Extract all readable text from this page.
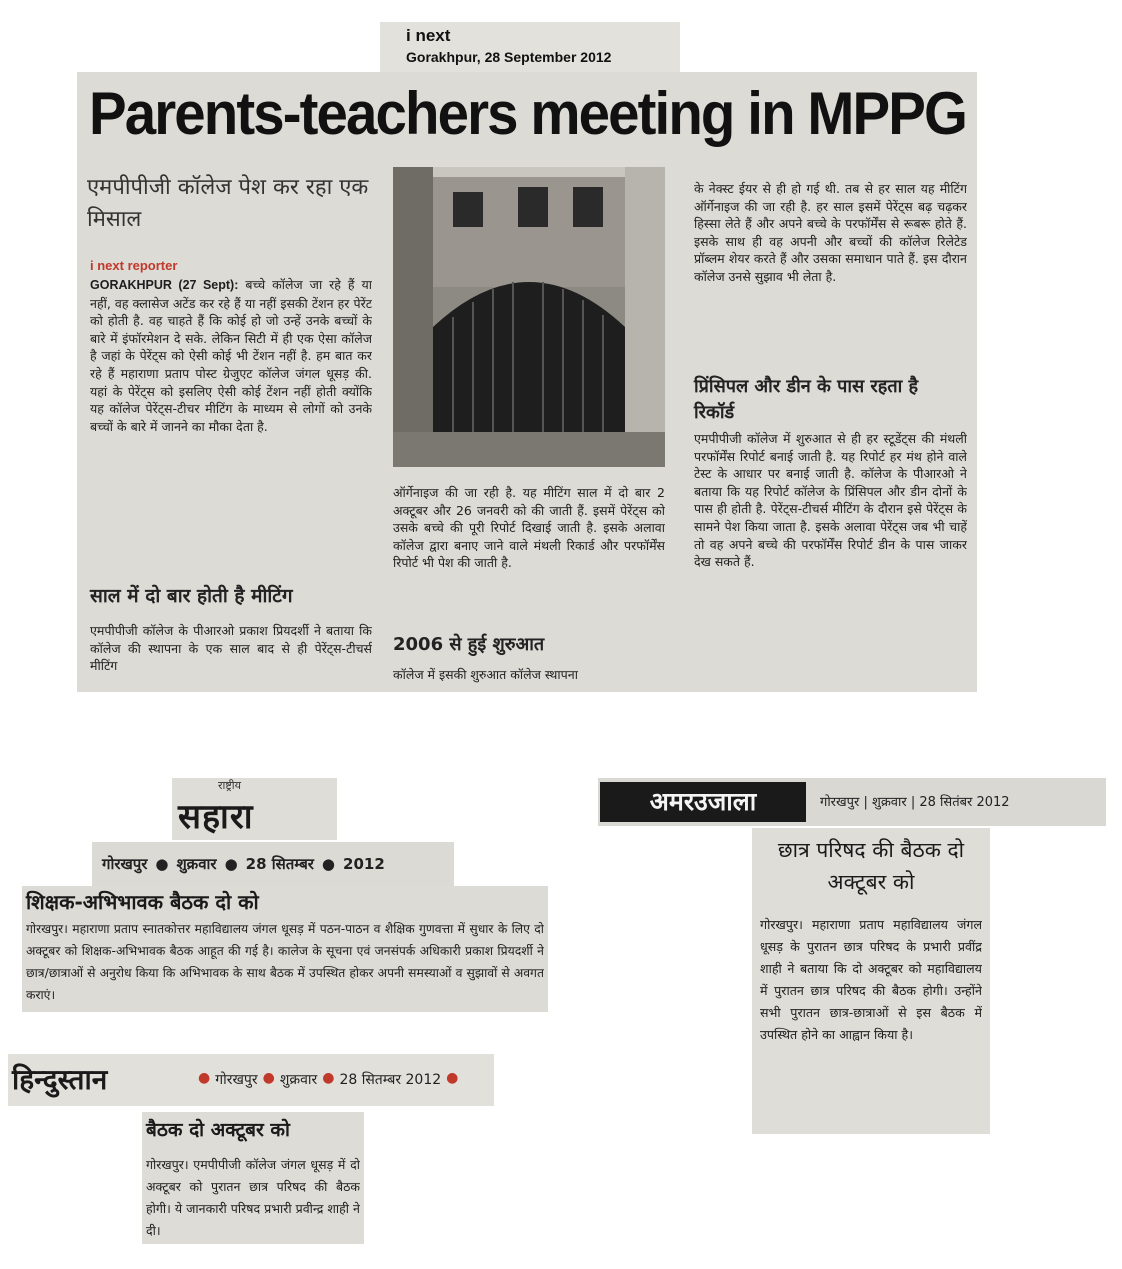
i next
Gorakhpur, 28 September 2012
Parents-teachers meeting in MPPG
एमपीपीजी कॉलेज पेश कर रहा एक मिसाल
i next reporter
GORAKHPUR (27 Sept): बच्चे कॉलेज जा रहे हैं या नहीं, वह क्लासेज अटेंड कर रहे हैं या नहीं इसकी टेंशन हर पेरेंट को होती है. वह चाहते हैं कि कोई हो जो उन्हें उनके बच्चों के बारे में इंफॉरमेशन दे सके. लेकिन सिटी में ही एक ऐसा कॉलेज है जहां के पेरेंट्स को ऐसी कोई भी टेंशन नहीं है. हम बात कर रहे हैं महाराणा प्रताप पोस्ट ग्रेजुएट कॉलेज जंगल धूसड़ की. यहां के पेरेंट्स को इसलिए ऐसी कोई टेंशन नहीं होती क्योंकि यह कॉलेज पेरेंट्स-टीचर मीटिंग के माध्यम से लोगों को उनके बच्चों के बारे में जानने का मौका देता है.
साल में दो बार होती है मीटिंग
एमपीपीजी कॉलेज के पीआरओ प्रकाश प्रियदर्शी ने बताया कि कॉलेज की स्थापना के एक साल बाद से ही पेरेंट्स-टीचर्स मीटिंग
ऑर्गेनाइज की जा रही है. यह मीटिंग साल में दो बार 2 अक्टूबर और 26 जनवरी को की जाती हैं. इसमें पेरेंट्स को उसके बच्चे की पूरी रिपोर्ट दिखाई जाती है. इसके अलावा कॉलेज द्वारा बनाए जाने वाले मंथली रिकार्ड और परफॉर्मेंस रिपोर्ट भी पेश की जाती है.
2006 से हुई शुरुआत
कॉलेज में इसकी शुरुआत कॉलेज स्थापना
के नेक्स्ट ईयर से ही हो गई थी. तब से हर साल यह मीटिंग ऑर्गेनाइज की जा रही है. हर साल इसमें पेरेंट्स बढ़ चढ़कर हिस्सा लेते हैं और अपने बच्चे के परफॉर्मेंस से रूबरू होते हैं. इसके साथ ही वह अपनी और बच्चों की कॉलेज रिलेटेड प्रॉब्लम शेयर करते हैं और उसका समाधान पाते हैं. इस दौरान कॉलेज उनसे सुझाव भी लेता है.
प्रिंसिपल और डीन के पास रहता है रिकॉर्ड
एमपीपीजी कॉलेज में शुरुआत से ही हर स्टूडेंट्स की मंथली परफॉर्मेंस रिपोर्ट बनाई जाती है. यह रिपोर्ट हर मंथ होने वाले टेस्ट के आधार पर बनाई जाती है. कॉलेज के पीआरओ ने बताया कि यह रिपोर्ट कॉलेज के प्रिंसिपल और डीन दोनों के पास ही होती है. पेरेंट्स-टीचर्स मीटिंग के दौरान इसे पेरेंट्स के सामने पेश किया जाता है. इसके अलावा पेरेंट्स जब भी चाहें तो वह अपने बच्चे की परफॉर्मेंस रिपोर्ट डीन के पास जाकर देख सकते हैं.
राष्ट्रीय
सहारा
गोरखपुर ● शुक्रवार ● 28 सितम्बर ● 2012
शिक्षक-अभिभावक बैठक दो को
गोरखपुर। महाराणा प्रताप स्नातकोत्तर महाविद्यालय जंगल धूसड़ में पठन-पाठन व शैक्षिक गुणवत्ता में सुधार के लिए दो अक्टूबर को शिक्षक-अभिभावक बैठक आहूत की गई है। कालेज के सूचना एवं जनसंपर्क अधिकारी प्रकाश प्रियदर्शी ने छात्र/छात्राओं से अनुरोध किया कि अभिभावक के साथ बैठक में उपस्थित होकर अपनी समस्याओं व सुझावों से अवगत कराएं।
हिन्दुस्तान	● गोरखपुर ● शुक्रवार ● 28 सितम्बर 2012 ●
बैठक दो अक्टूबर को
गोरखपुर। एमपीपीजी कॉलेज जंगल धूसड़ में दो अक्टूबर को पुरातन छात्र परिषद की बैठक होगी। ये जानकारी परिषद प्रभारी प्रवीन्द्र शाही ने दी।
अमरउजाला	गोरखपुर | शुक्रवार | 28 सितंबर 2012
छात्र परिषद की बैठक दो अक्टूबर को
गोरखपुर। महाराणा प्रताप महाविद्यालय जंगल धूसड़ के पुरातन छात्र परिषद के प्रभारी प्रवींद्र शाही ने बताया कि दो अक्टूबर को महाविद्यालय में पुरातन छात्र परिषद की बैठक होगी। उन्होंने सभी पुरातन छात्र-छात्राओं से इस बैठक में उपस्थित होने का आह्वान किया है।
